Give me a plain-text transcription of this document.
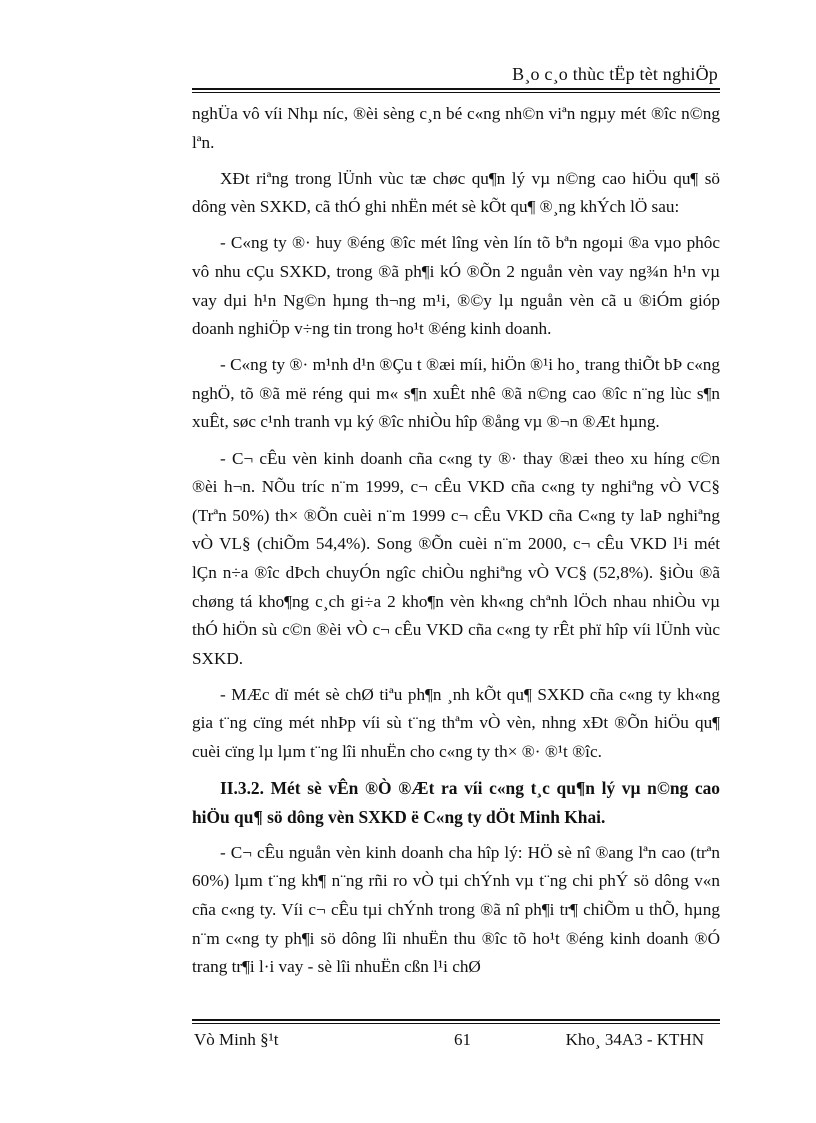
B¸o c¸o thùc tËp tèt nghiÖp

nghÜa vô víi Nhµ níc, ®èi sèng c¸n bé c«ng nh©n viªn ngµy mét ®îc n©ng lªn.

XÐt riªng trong lÜnh vùc tæ chøc qu¶n lý vµ n©ng cao hiÖu qu¶ sö dông vèn SXKD, cã thÓ ghi nhËn mét sè kÕt qu¶ ®¸ng khÝch lÖ sau:

- C«ng ty ®· huy ®éng ®îc mét lîng vèn lín tõ bªn ngoµi ®a vµo phôc vô nhu cÇu SXKD, trong ®ã ph¶i kÓ ®Õn 2 nguån vèn vay ng¾n h¹n vµ vay dµi h¹n Ng©n hµng th¬ng m¹i, ®©y lµ nguån vèn cã u ®iÓm gióp doanh nghiÖp v÷ng tin trong ho¹t ®éng kinh doanh.

- C«ng ty ®· m¹nh d¹n ®Çu t ®æi míi, hiÖn ®¹i ho¸ trang thiÕt bÞ c«ng nghÖ, tõ ®ã më réng qui m« s¶n xuÊt nhê ®ã n©ng cao ®îc n¨ng lùc s¶n xuÊt, søc c¹nh tranh vµ ký ®îc nhiÒu hîp ®ång vµ ®¬n ®Æt hµng.

- C¬ cÊu vèn kinh doanh cña c«ng ty ®· thay ®æi theo xu híng c©n ®èi h¬n. NÕu tríc n¨m 1999, c¬ cÊu VKD cña c«ng ty nghiªng vÒ VC§ (Trªn 50%) th× ®Õn cuèi n¨m 1999 c¬ cÊu VKD cña C«ng ty laÞ nghiªng vÒ VL§ (chiÕm 54,4%). Song ®Õn cuèi n¨m 2000, c¬ cÊu VKD l¹i mét lÇn n÷a ®îc dÞch chuyÓn ngîc chiÒu nghiªng vÒ VC§ (52,8%). §iÒu ®ã chøng tá kho¶ng c¸ch gi÷a 2 kho¶n vèn kh«ng chªnh lÖch nhau nhiÒu vµ thÓ hiÖn sù c©n ®èi vÒ c¬ cÊu VKD cña c«ng ty rÊt phï hîp víi lÜnh vùc SXKD.

- MÆc dï mét sè chØ tiªu ph¶n ¸nh kÕt qu¶ SXKD cña c«ng ty kh«ng gia t¨ng cïng mét nhÞp víi sù t¨ng thªm vÒ vèn, nhng xÐt ®Õn hiÖu qu¶ cuèi cïng lµ lµm t¨ng lîi nhuËn cho c«ng ty th× ®· ®¹t ®îc.

II.3.2. Mét sè vÊn ®Ò ®Æt ra víi c«ng t¸c qu¶n lý vµ n©ng cao hiÖu qu¶ sö dông vèn SXKD ë C«ng ty dÖt Minh Khai.

- C¬ cÊu nguån vèn kinh doanh cha hîp lý: HÖ sè nî ®ang lªn cao (trªn 60%) lµm t¨ng kh¶ n¨ng rñi ro vÒ tµi chÝnh vµ t¨ng chi phÝ sö dông v«n cña c«ng ty. Víi c¬ cÊu tµi chÝnh trong ®ã nî ph¶i tr¶ chiÕm u thÕ, hµng n¨m c«ng ty ph¶i sö dông lîi nhuËn thu ®îc tõ ho¹t ®éng kinh doanh ®Ó trang tr¶i l·i vay - sè lîi nhuËn cßn l¹i chØ

Vò Minh §¹t	61	Kho¸ 34A3 - KTHN
